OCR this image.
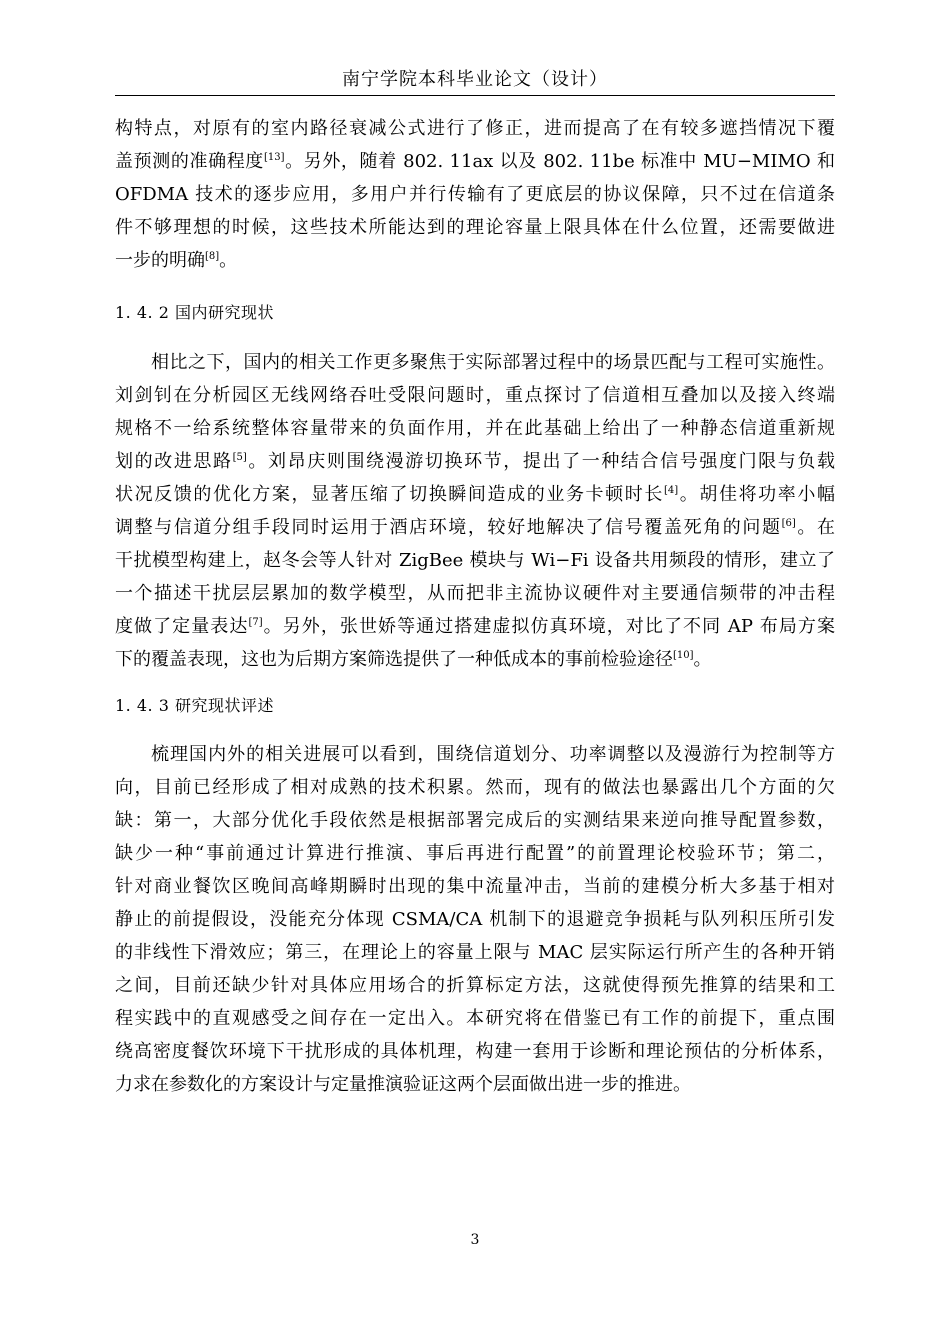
南宁学院本科毕业论文（设计）
构特点，对原有的室内路径衰减公式进行了修正，进而提高了在有较多遮挡情况下覆
盖预测的准确程度[13]。另外，随着 802. 11ax 以及 802. 11be 标准中 MU−MIMO 和
OFDMA 技术的逐步应用，多用户并行传输有了更底层的协议保障，只不过在信道条
件不够理想的时候，这些技术所能达到的理论容量上限具体在什么位置，还需要做进
一步的明确[8]。
1. 4. 2 国内研究现状
相比之下，国内的相关工作更多聚焦于实际部署过程中的场景匹配与工程可实施性。
刘剑钊在分析园区无线网络吞吐受限问题时，重点探讨了信道相互叠加以及接入终端
规格不一给系统整体容量带来的负面作用，并在此基础上给出了一种静态信道重新规
划的改进思路[5]。刘昂庆则围绕漫游切换环节，提出了一种结合信号强度门限与负载
状况反馈的优化方案，显著压缩了切换瞬间造成的业务卡顿时长[4]。胡佳将功率小幅
调整与信道分组手段同时运用于酒店环境，较好地解决了信号覆盖死角的问题[6]。在
干扰模型构建上，赵冬会等人针对 ZigBee 模块与 Wi−Fi 设备共用频段的情形，建立了
一个描述干扰层层累加的数学模型，从而把非主流协议硬件对主要通信频带的冲击程
度做了定量表达[7]。另外，张世娇等通过搭建虚拟仿真环境，对比了不同 AP 布局方案
下的覆盖表现，这也为后期方案筛选提供了一种低成本的事前检验途径[10]。
1. 4. 3 研究现状评述
梳理国内外的相关进展可以看到，围绕信道划分、功率调整以及漫游行为控制等方
向，目前已经形成了相对成熟的技术积累。然而，现有的做法也暴露出几个方面的欠
缺：第一，大部分优化手段依然是根据部署完成后的实测结果来逆向推导配置参数，
缺少一种“事前通过计算进行推演、事后再进行配置”的前置理论校验环节；第二，
针对商业餐饮区晚间高峰期瞬时出现的集中流量冲击，当前的建模分析大多基于相对
静止的前提假设，没能充分体现 CSMA/CA 机制下的退避竞争损耗与队列积压所引发
的非线性下滑效应；第三，在理论上的容量上限与 MAC 层实际运行所产生的各种开销
之间，目前还缺少针对具体应用场合的折算标定方法，这就使得预先推算的结果和工
程实践中的直观感受之间存在一定出入。本研究将在借鉴已有工作的前提下，重点围
绕高密度餐饮环境下干扰形成的具体机理，构建一套用于诊断和理论预估的分析体系，
力求在参数化的方案设计与定量推演验证这两个层面做出进一步的推进。
3
